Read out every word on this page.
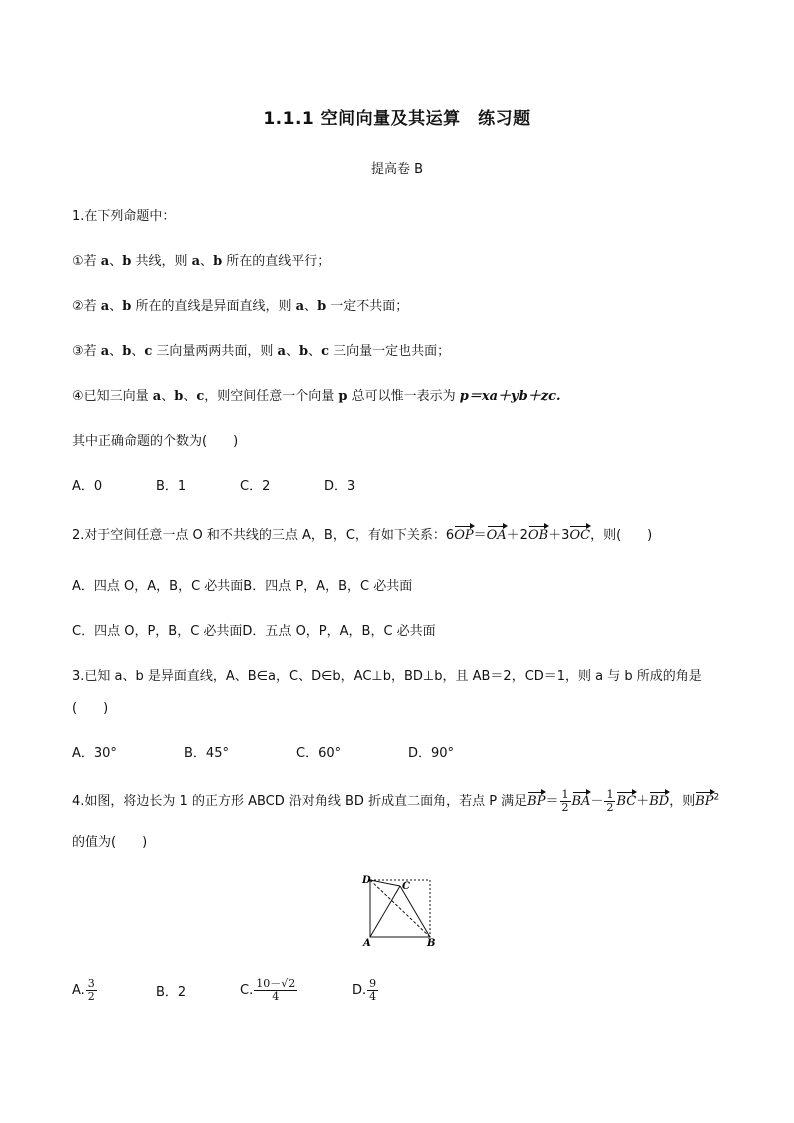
1.1.1 空间向量及其运算　练习题
提高卷 B
1.在下列命题中：
①若 a、b 共线，则 a、b 所在的直线平行；
②若 a、b 所在的直线是异面直线，则 a、b 一定不共面；
③若 a、b、c 三向量两两共面，则 a、b、c 三向量一定也共面；
④已知三向量 a、b、c，则空间任意一个向量 p 总可以惟一表示为 p＝xa＋yb＋zc.
其中正确命题的个数为(　　)
A．0	B．1	C．2	D．3
2.对于空间任意一点 O 和不共线的三点 A，B，C，有如下关系：6OP＝OA＋2OB＋3OC，则(　　)
A．四点 O，A，B，C 必共面B．四点 P，A，B，C 必共面
C．四点 O，P，B，C 必共面D．五点 O，P，A，B，C 必共面
3.已知 a、b 是异面直线，A、B∈a，C、D∈b，AC⊥b，BD⊥b，且 AB＝2，CD＝1，则 a 与 b 所成的角是
(　　)
A．30°	B．45°	C．60°	D．90°
4.如图，将边长为 1 的正方形 ABCD 沿对角线 BD 折成直二面角，若点 P 满足$BP= \frac{1}{2} BA- \frac{1}{2} BC+BD$，则$BP^2$
的值为(　　)
D
C
A	B
A. $\frac{3}{2}$	B．2	C. $\frac{10-√2}{4}$	D. $\frac{9}{4}$
